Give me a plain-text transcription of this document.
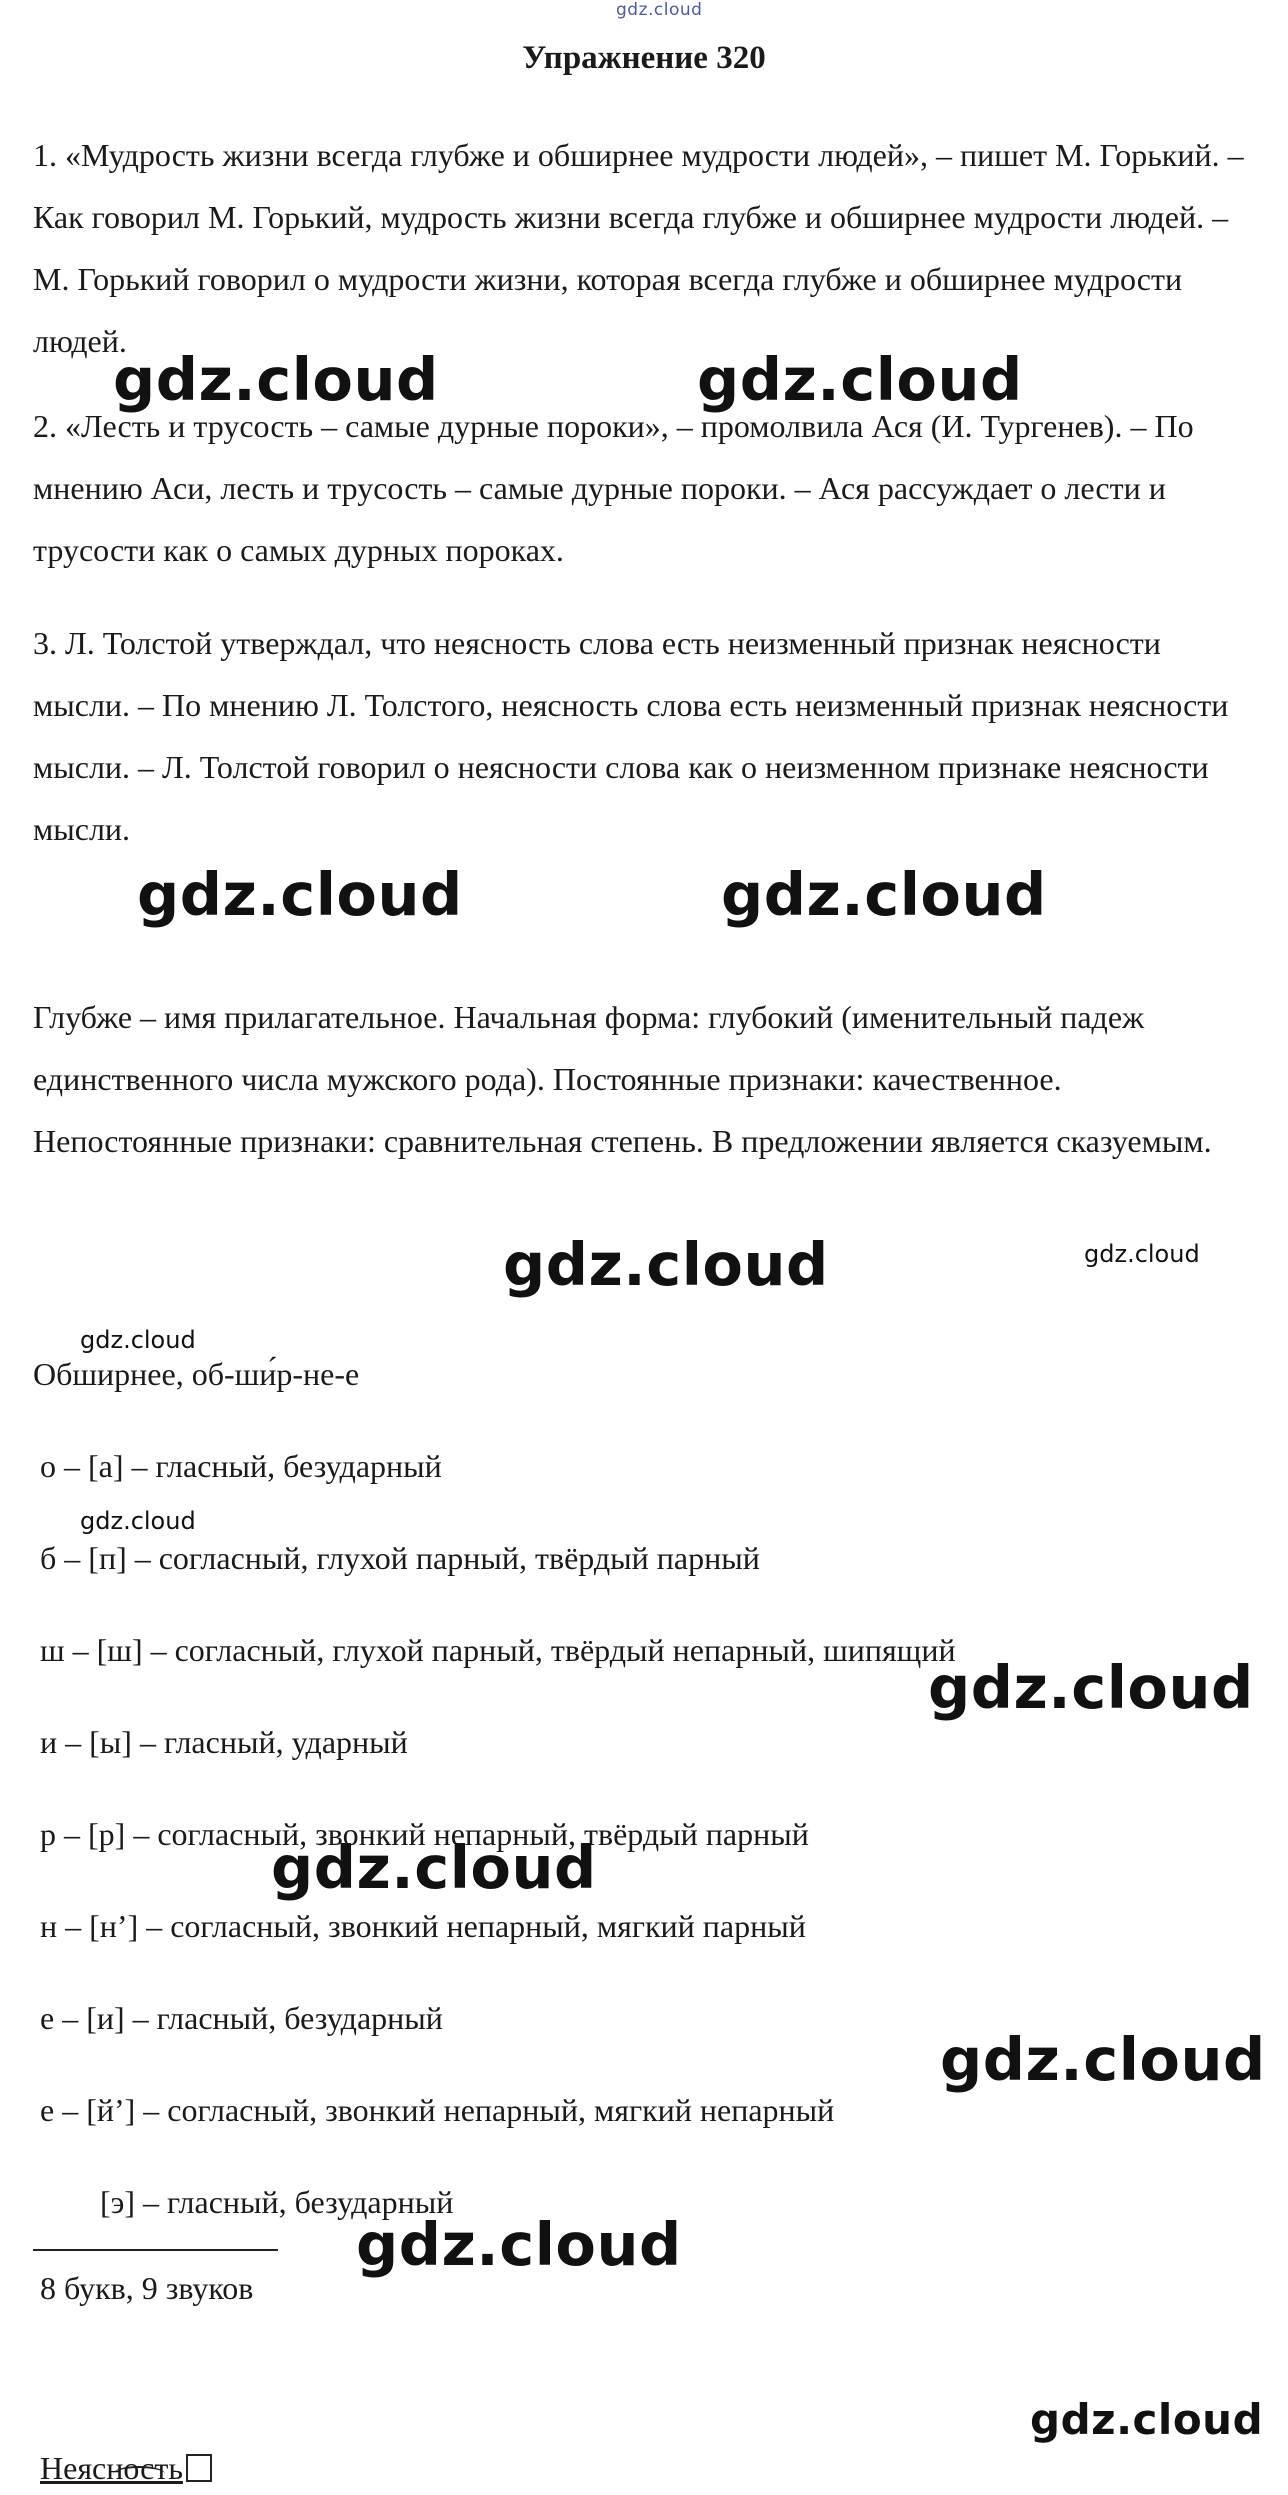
gdz.cloud
Упражнение 320

1. «Мудрость жизни всегда глубже и обширнее мудрости людей», – пишет М. Горький. – Как говорил М. Горький, мудрость жизни всегда глубже и обширнее мудрости людей. – М. Горький говорил о мудрости жизни, которая всегда глубже и обширнее мудрости людей.

2. «Лесть и трусость – самые дурные пороки», – промолвила Ася (И. Тургенев). – По мнению Аси, лесть и трусость – самые дурные пороки. – Ася рассуждает о лести и трусости как о самых дурных пороках.

3. Л. Толстой утверждал, что неясность слова есть неизменный признак неясности мысли. – По мнению Л. Толстого, неясность слова есть неизменный признак неясности мысли. – Л. Толстой говорил о неясности слова как о неизменном признаке неясности мысли.

Глубже – имя прилагательное. Начальная форма: глубокий (именительный падеж единственного числа мужского рода). Постоянные признаки: качественное. Непостоянные признаки: сравнительная степень. В предложении является сказуемым.

Обширнее, об-ши́р-не-е
о – [а] – гласный, безударный
б – [п] – согласный, глухой парный, твёрдый парный
ш – [ш] – согласный, глухой парный, твёрдый непарный, шипящий
и – [ы] – гласный, ударный
р – [р] – согласный, звонкий непарный, твёрдый парный
н – [н’] – согласный, звонкий непарный, мягкий парный
е – [и] – гласный, безударный
е – [й’] – согласный, звонкий непарный, мягкий непарный
[э] – гласный, безударный
8 букв, 9 звуков
Неясность
gdz.cloud	gdz.cloud
gdz.cloud	gdz.cloud
gdz.cloud
gdz.cloud
gdz.cloud
gdz.cloud
gdz.cloud
gdz.cloud
gdz.cloud
gdz.cloud
gdz.cloud
